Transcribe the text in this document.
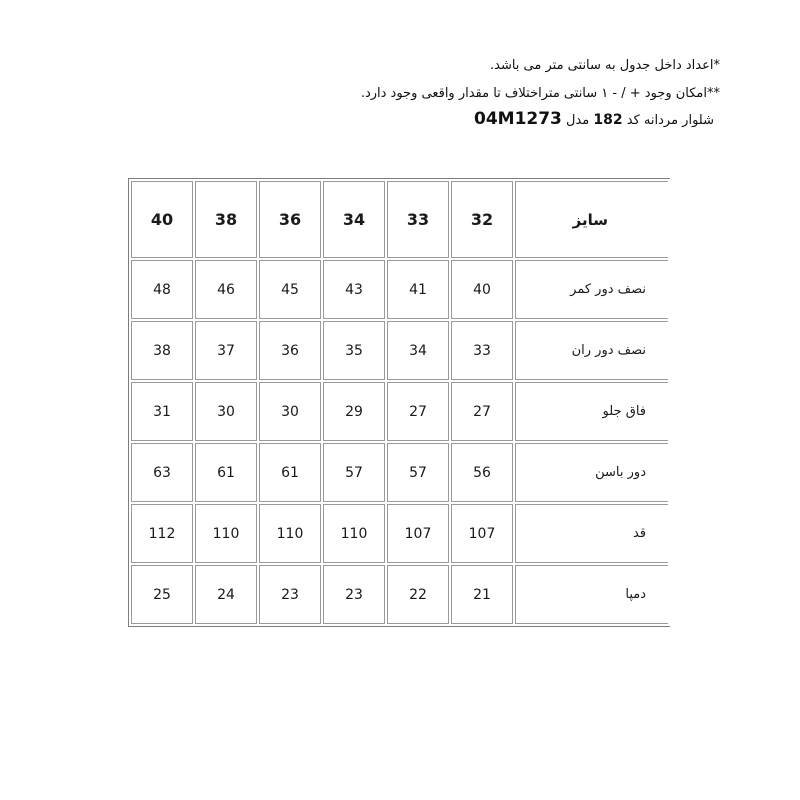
*اعداد داخل جدول به سانتی متر می باشد.
**امکان وجود + / - ۱ سانتی متراختلاف تا مقدار واقعی وجود دارد.
شلوار مردانه کد 182 مدل 04M1273
40	38	36	34	33	32	سایز
48	46	45	43	41	40	نصف دور کمر
38	37	36	35	34	33	نصف دور ران
31	30	30	29	27	27	فاق جلو
63	61	61	57	57	56	دور باسن
112	110	110	110	107	107	قد
25	24	23	23	22	21	دمپا
